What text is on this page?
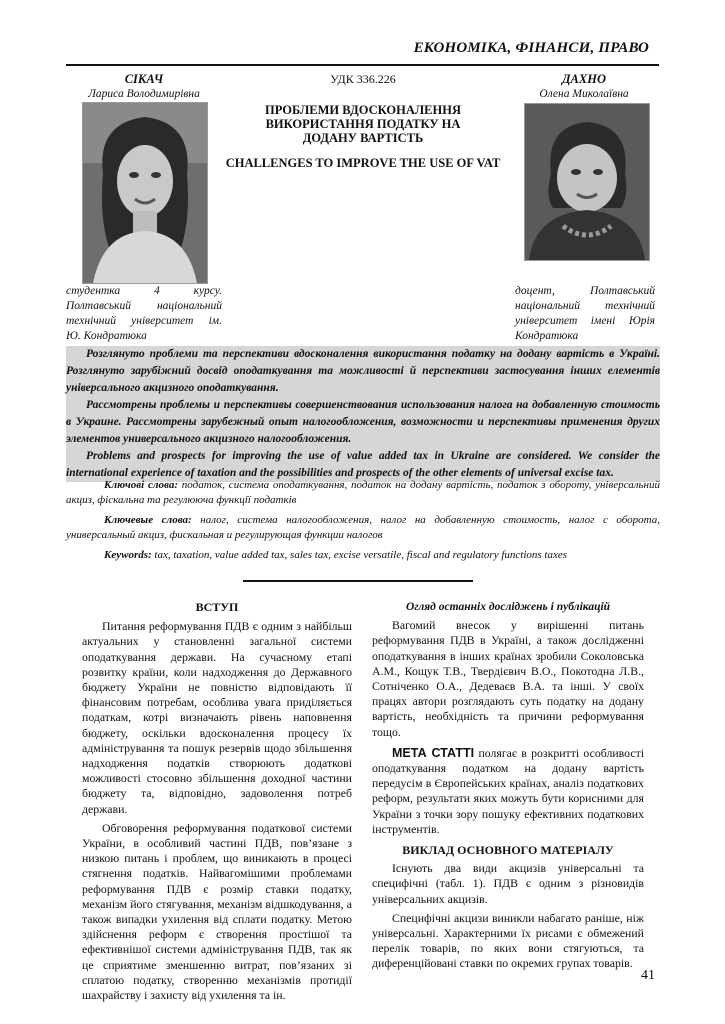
ЕКОНОМІКА, ФІНАНСИ, ПРАВО
СІКАЧ
Лариса Володимирівна
ДАХНО
Олена Миколаївна
УДК 336.226
ПРОБЛЕМИ ВДОСКОНАЛЕННЯ ВИКОРИСТАННЯ ПОДАТКУ НА ДОДАНУ ВАРТІСТЬ
CHALLENGES TO IMPROVE THE USE OF VAT
студентка 4 курсу.
Полтавський національний
технічний університет ім.
Ю. Кондратюка
доцент, Полтавський
національний технічний
університет імені Юрія
Кондратюка

Розглянуто проблеми та перспективи вдосконалення використання податку на додану вартість в Україні. Розглянуто зарубіжний досвід оподаткування та можливості й перспективи застосування інших елементів універсального акцизного оподаткування.

Рассмотрены проблемы и перспективы совершенствования использования налога на добавленную стоимость в Украине. Рассмотрены зарубежный опыт налогообложения, возможности и перспективы применения других элементов универсального акцизного налогообложения.

Problems and prospects for improving the use of value added tax in Ukraine are considered. We consider the international experience of taxation and the possibilities and prospects of the other elements of universal excise tax.

Ключові слова: податок, система оподаткування, податок на додану вартість, податок з обороту, універсальний акциз, фіскальна та регулююча функції податків
Ключевые слова: налог, система налогообложения, налог на добавленную стоимость, налог с оборота, универсальный акциз, фискальная и регулирующая функции налогов
Keywords: tax, taxation, value added tax, sales tax, excise versatile, fiscal and regulatory functions taxes

ВСТУП

Питання реформування ПДВ є одним з найбільш актуальних у становленні загальної системи оподаткування держави. На сучасному етапі розвитку країни, коли надходження до Державного бюджету України не повністю відповідають її фінансовим потребам, особлива увага приділяється податкам, котрі визначають рівень наповнення бюджету, оскільки вдосконалення процесу їх адміністрування та пошук резервів щодо збільшення надходження податків створюють додаткові можливості стосовно збільшення доходної частини бюджету та, відповідно, задоволення потреб держави.

Обговорення реформування податкової системи України, в особливий частині ПДВ, пов’язане з низкою питань і проблем, що виникають в процесі стягнення податків. Найвагомішими проблемами реформування ПДВ є розмір ставки податку, механізм його стягування, механізм відшкодування, а також випадки ухилення від сплати податку. Метою здійснення реформ є створення простішої та ефективнішої системи адміністрування ПДВ, так як це сприятиме зменшенню витрат, пов’язаних зі сплатою податку, створенню механізмів протидії шахрайству і захисту від ухилення та ін.

Огляд останніх досліджень і публікацій

Вагомий внесок у вирішенні питань реформування ПДВ в Україні, а також дослідженні оподаткування в інших країнах зробили Соколовська А.М., Кощук Т.В., Твердієвич В.О., Покотодна Л.В., Сотніченко О.А., Дедеваєв В.А. та інші. У своїх працях автори розглядають суть податку на додану вартість, необхідність та причини реформування тощо.

МЕТА СТАТТІ полягає в розкритті особливості оподаткування податком на додану вартість передусім в Європейських країнах, аналіз податкових реформ, результати яких можуть бути корисними для України з точки зору пошуку ефективних податкових інструментів.

ВИКЛАД ОСНОВНОГО МАТЕРІАЛУ

Існують два види акцизів універсальні та специфічні (табл. 1). ПДВ є одним з різновидів універсальних акцизів.

Специфічні акцизи виникли набагато раніше, ніж універсальні. Характерними їх рисами є обмежений перелік товарів, по яких вони стягуються, та диференційовані ставки по окремих групах товарів.

41
